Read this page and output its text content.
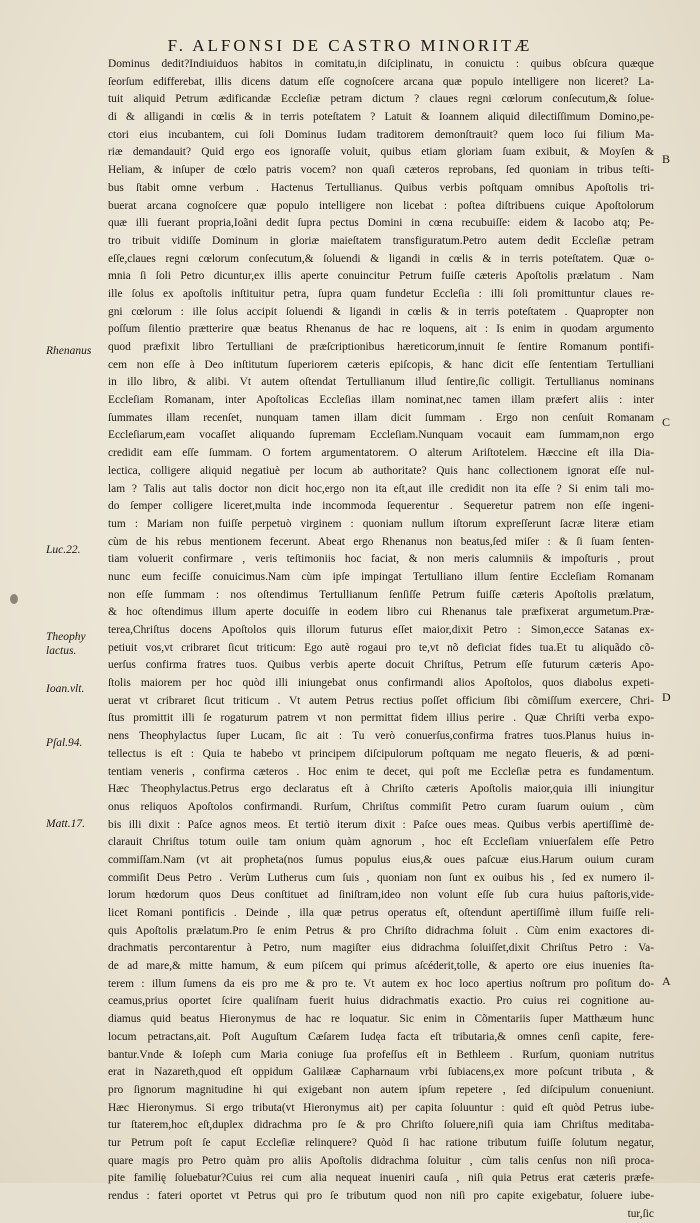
F. ALFONSI DE CASTRO MINORITÆ
Dominus dedit?Indiuiduos habitos in comitatu,in diſciplinatu, in conuictu : quibus obſcura quæque
ſeorſum edifferebat, illis dicens datum eſſe cognoſcere arcana quæ populo intelligere non liceret? La-
tuit aliquid Petrum ædificandæ Eccleſiæ petram dictum ? claues regni cœlorum conſecutum,& ſolue-
di & alligandi in cœlis & in terris poteſtatem ? Latuit & Ioannem aliquid dilectiſſimum Domino,pe-
ctori eius incubantem, cui ſoli Dominus Iudam traditorem demonſtrauit? quem loco ſui filium Ma-
riæ demandauit? Quid ergo eos ignoraſſe voluit, quibus etiam gloriam ſuam exibuit, & Moyſen &
Heliam, & inſuper de cœlo patris vocem? non quaſi cæteros reprobans, ſed quoniam in tribus teſti-
bus ſtabit omne verbum . Hactenus Tertullianus. Quibus verbis poſtquam omnibus Apoſtolis tri-
buerat arcana cognoſcere quæ populo intelligere non licebat : poſtea diſtribuens cuique Apoſtolorum
quæ illi fuerant propria,Ioãni dedit ſupra pectus Domini in cœna recubuiſſe: eidem & Iacobo atq; Pe-
tro tribuit vidiſſe Dominum in gloriæ maieſtatem transfiguratum.Petro autem dedit Eccleſiæ petram
eſſe,claues regni cœlorum conſecutum,& ſoluendi & ligandi in cœlis & in terris poteſtatem. Quæ o-
mnia ſi ſoli Petro dicuntur,ex illis aperte conuincitur Petrum fuiſſe cæteris Apoſtolis prælatum . Nam
ille ſolus ex apoſtolis inſtituitur petra, ſupra quam fundetur Eccleſia : illi ſoli promittuntur claues re-
gni cœlorum : ille ſolus accipit ſoluendi & ligandi in cœlis & in terris poteſtatem . Quapropter non
poſſum ſilentio prætterire quæ beatus Rhenanus de hac re loquens, ait : Is enim in quodam argumento
quod præfixit libro Tertulliani de præſcriptionibus hæreticorum,innuit ſe ſentire Romanum pontifi-
cem non eſſe à Deo inſtitutum ſuperiorem cæteris epiſcopis, & hanc dicit eſſe ſententiam Tertulliani
in illo libro, & alibi. Vt autem oſtendat Tertullianum illud ſentire,ſic colligit. Tertullianus nominans
Eccleſiam Romanam, inter Apoſtolicas Eccleſias illam nominat,nec tamen illam præfert aliis : inter
ſummates illam recenſet, nunquam tamen illam dicit ſummam . Ergo non cenſuit Romanam
Eccleſiarum,eam vocaſſet aliquando ſupremam Eccleſiam.Nunquam vocauit eam ſummam,non ergo
credidit eam eſſe ſummam. O fortem argumentatorem. O alterum Ariſtotelem. Hæccine eſt illa Dia-
lectica, colligere aliquid negatiuè per locum ab authoritate? Quis hanc collectionem ignorat eſſe nul-
lam ? Talis aut talis doctor non dicit hoc,ergo non ita eſt,aut ille credidit non ita eſſe ? Si enim tali mo-
do ſemper colligere liceret,multa inde incommoda ſequerentur . Sequeretur patrem non eſſe ingeni-
tum : Mariam non fuiſſe perpetuò virginem : quoniam nullum iſtorum expreſſerunt ſacræ literæ etiam
cùm de his rebus mentionem fecerunt. Abeat ergo Rhenanus non beatus,ſed miſer : & ſi ſuam ſenten-
tiam voluerit confirmare , veris teſtimoniis hoc faciat, & non meris calumniis & impoſturis , prout
nunc eum feciſſe conuicimus.Nam cùm ipſe impingat Tertulliano illum ſentire Eccleſiam Romanam
non eſſe ſummam : nos oſtendimus Tertullianum ſenſiſſe Petrum fuiſſe cæteris Apoſtolis prælatum,
& hoc oſtendimus illum aperte docuiſſe in eodem libro cui Rhenanus tale præfixerat argumetum.Præ-
terea,Chriſtus docens Apoſtolos quis illorum futurus eſſet maior,dixit Petro : Simon,ecce Satanas ex-
petiuit vos,vt cribraret ſicut triticum: Ego autè rogaui pro te,vt nõ deficiat fides tua.Et tu aliquãdo cõ-
uerſus confirma fratres tuos. Quibus verbis aperte docuit Chriſtus, Petrum eſſe futurum cæteris Apo-
ſtolis maiorem per hoc quòd illi iniungebat onus confirmandi alios Apoſtolos, quos diabolus expeti-
uerat vt cribraret ſicut triticum . Vt autem Petrus rectius poſſet officium ſibi cõmiſſum exercere, Chri-
ſtus promittit illi ſe rogaturum patrem vt non permittat fidem illius perire . Quæ Chriſti verba expo-
nens Theophylactus ſuper Lucam, ſic ait : Tu verò conuerſus,confirma fratres tuos.Planus huius in-
tellectus is eſt : Quia te habebo vt principem diſcipulorum poſtquam me negato fleueris, & ad pœni-
tentiam veneris , confirma cæteros . Hoc enim te decet, qui poſt me Eccleſiæ petra es fundamentum.
Hæc Theophylactus.Petrus ergo declaratus eſt à Chriſto cæteris Apoſtolis maior,quia illi iniungitur
onus reliquos Apoſtolos confirmandi. Rurſum, Chriſtus commiſit Petro curam ſuarum ouium , cùm
bis illi dixit : Paſce agnos meos. Et tertiò iterum dixit : Paſce oues meas. Quibus verbis apertiſſimè de-
clarauit Chriſtus totum ouile tam onium quàm agnorum , hoc eſt Eccleſiam vniuerſalem eſſe Petro
commiſſam.Nam (vt ait propheta(nos ſumus populus eius,& oues paſcuæ eius.Harum ouium curam
commiſit Deus Petro . Verùm Lutherus cum ſuis , quoniam non ſunt ex ouibus his , ſed ex numero il-
lorum hœdorum quos Deus conſtituet ad ſiniſtram,ideo non volunt eſſe ſub cura huius paſtoris,vide-
licet Romani pontificis . Deinde , illa quæ petrus operatus eſt, oſtendunt apertiſſimè illum fuiſſe reli-
quis Apoſtolis prælatum.Pro ſe enim Petrus & pro Chriſto didrachma ſoluit . Cùm enim exactores di-
drachmatis percontarentur à Petro, num magiſter eius didrachma ſoluiſſet,dixit Chriſtus Petro : Va-
de ad mare,& mitte hamum, & eum piſcem qui primus aſcéderit,tolle, & aperto ore eius inuenies ſta-
terem : illum ſumens da eis pro me & pro te. Vt autem ex hoc loco apertius noſtrum pro poſitum do-
ceamus,prius oportet ſcire qualiſnam fuerit huius didrachmatis exactio. Pro cuius rei cognitione au-
diamus quid beatus Hieronymus de hac re loquatur. Sic enim in Cõmentariis ſuper Matthæum hunc
locum petractans,ait. Poſt Auguſtum Cæſarem Iudęa facta eſt tributaria,& omnes cenſi capite, fere-
bantur.Vnde & Ioſeph cum Maria coniuge ſua profeſſus eſt in Bethleem . Rurſum, quoniam nutritus
erat in Nazareth,quod eſt oppidum Galilææ Capharnaum vrbi ſubiacens,ex more poſcunt tributa , &
pro ſignorum magnitudine hi qui exigebant non autem ipſum repetere , ſed diſcipulum conueniunt.
Hæc Hieronymus. Si ergo tributa(vt Hieronymus ait) per capita ſoluuntur : quid eſt quòd Petrus iube-
tur ſtaterem,hoc eſt,duplex didrachma pro ſe & pro Chriſto ſoluere,niſi quia iam Chriſtus meditaba-
tur Petrum poſt ſe caput Eccleſiæ relinquere? Quòd ſi hac ratione tributum fuiſſe ſolutum negatur,
quare magis pro Petro quàm pro aliis Apoſtolis didrachma ſoluitur , cùm talis cenſus non niſi proca-
pite familię ſoluebatur?Cuius rei cum alia nequeat inueniri cauſa , niſi quia Petrus erat cæteris præfe-
rendus : fateri oportet vt Petrus qui pro ſe tributum quod non niſi pro capite exigebatur, ſoluere iube-
tur,ſic
Rhenanus
Luc.22.
Theophy lactus.
Ioan.vlt.
Pſal.94.
Matt.17.
B
C
D
A
